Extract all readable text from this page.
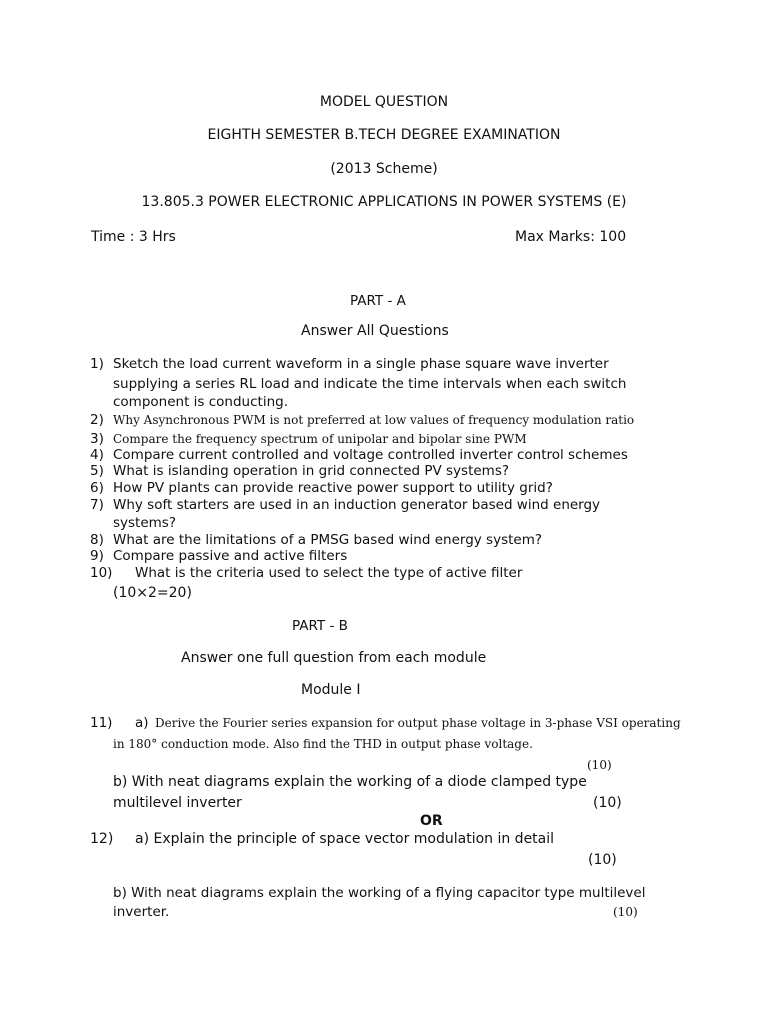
MODEL QUESTION
EIGHTH SEMESTER B.TECH DEGREE EXAMINATION
(2013 Scheme)
13.805.3 POWER ELECTRONIC APPLICATIONS IN POWER SYSTEMS (E)
Time : 3 Hrs	Max Marks: 100
PART - A
Answer All Questions
1) Sketch the load current waveform in a single phase square wave inverter
supplying a series RL load and indicate the time intervals when each switch
component is conducting.
2) Why Asynchronous PWM is not preferred at low values of frequency modulation ratio
3) Compare the frequency spectrum of unipolar and bipolar sine PWM
4) Compare current controlled and voltage controlled inverter control schemes
5) What is islanding operation in grid connected PV systems?
6) How PV plants can provide reactive power support to utility grid?
7) Why soft starters are used in an induction generator based wind energy
systems?
8) What are the limitations of a PMSG based wind energy system?
9) Compare passive and active filters
10) What is the criteria used to select the type of active filter
(10×2=20)
PART - B
Answer one full question from each module
Module I
11) a) Derive the Fourier series expansion for output phase voltage in 3-phase VSI operating
in 180° conduction mode. Also find the THD in output phase voltage.
(10)
b) With neat diagrams explain the working of a diode clamped type
multilevel inverter	(10)
OR
12) a) Explain the principle of space vector modulation in detail
(10)
b) With neat diagrams explain the working of a flying capacitor type multilevel
inverter.	(10)
